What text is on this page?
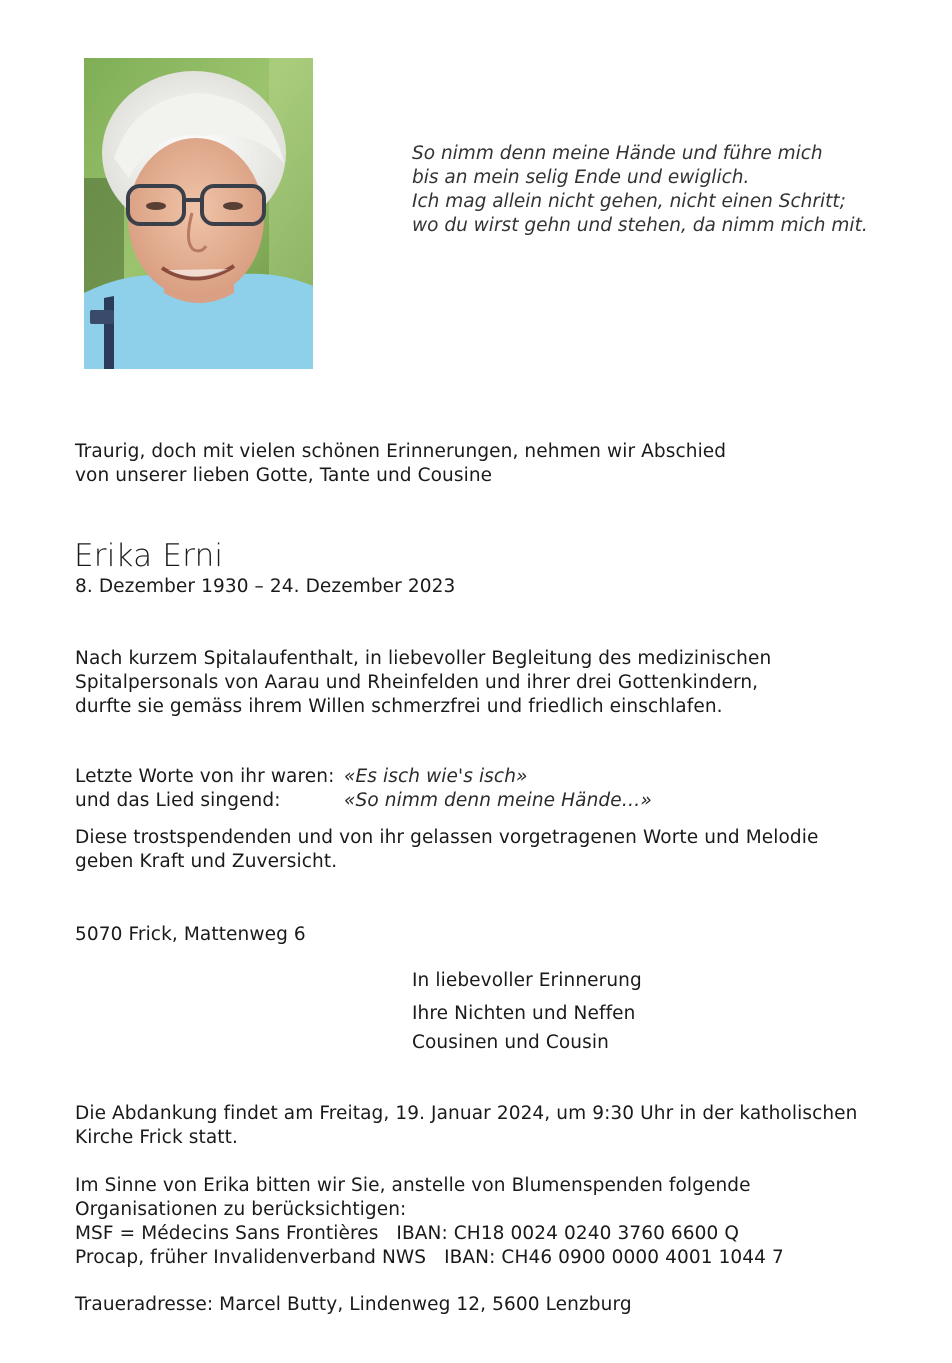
So nimm denn meine Hände und führe mich
bis an mein selig Ende und ewiglich.
Ich mag allein nicht gehen, nicht einen Schritt;
wo du wirst gehn und stehen, da nimm mich mit.
Traurig, doch mit vielen schönen Erinnerungen, nehmen wir Abschied
von unserer lieben Gotte, Tante und Cousine
Erika Erni
8. Dezember 1930 – 24. Dezember 2023
Nach kurzem Spitalaufenthalt, in liebevoller Begleitung des medizinischen
Spitalpersonals von Aarau und Rheinfelden und ihrer drei Gottenkindern,
durfte sie gemäss ihrem Willen schmerzfrei und friedlich einschlafen.
Letzte Worte von ihr waren: «Es isch wie's isch»
und das Lied singend:	«So nimm denn meine Hände…»
Diese trostspendenden und von ihr gelassen vorgetragenen Worte und Melodie
geben Kraft und Zuversicht.
5070 Frick, Mattenweg 6
In liebevoller Erinnerung
Ihre Nichten und Neffen
Cousinen und Cousin
Die Abdankung findet am Freitag, 19. Januar 2024, um 9:30 Uhr in der katholischen
Kirche Frick statt.
Im Sinne von Erika bitten wir Sie, anstelle von Blumenspenden folgende
Organisationen zu berücksichtigen:
MSF = Médecins Sans Frontières   IBAN: CH18 0024 0240 3760 6600 Q
Procap, früher Invalidenverband NWS   IBAN: CH46 0900 0000 4001 1044 7
Traueradresse: Marcel Butty, Lindenweg 12, 5600 Lenzburg
